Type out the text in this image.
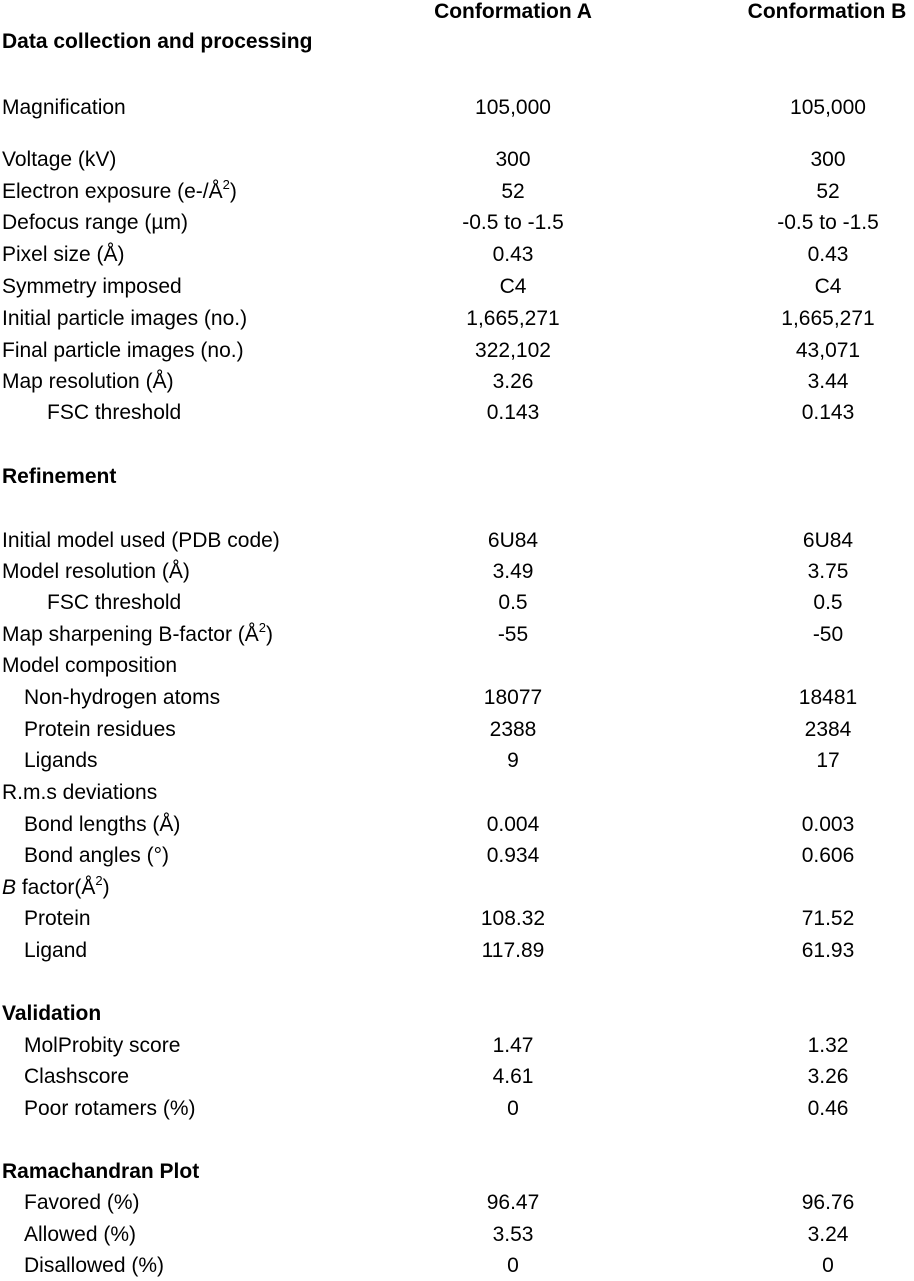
Conformation A	Conformation B
Data collection and processing
Magnification	105,000	105,000
Voltage (kV)	300	300
Electron exposure $(e-/Å^2)$	52	52
Defocus range (µm)	-0.5 to -1.5	-0.5 to -1.5
Pixel size (Å)	0.43	0.43
Symmetry imposed	C4	C4
Initial particle images (no.)	1,665,271	1,665,271
Final particle images (no.)	322,102	43,071
Map resolution (Å)	3.26	3.44
FSC threshold	0.143	0.143
Refinement
Initial model used (PDB code)	6U84	6U84
Model resolution (Å)	3.49	3.75
FSC threshold	0.5	0.5
Map sharpening B-factor $(Å^2)$	-55	-50
Model composition
Non-hydrogen atoms	18077	18481
Protein residues	2388	2384
Ligands	9	17
R.m.s deviations
Bond lengths (Å)	0.004	0.003
Bond angles (°)	0.934	0.606
B $factor(Å^2)$
Protein	108.32	71.52
Ligand	117.89	61.93
Validation
MolProbity score	1.47	1.32
Clashscore	4.61	3.26
Poor rotamers (%)	0	0.46
Ramachandran Plot
Favored (%)	96.47	96.76
Allowed (%)	3.53	3.24
Disallowed (%)	0	0
